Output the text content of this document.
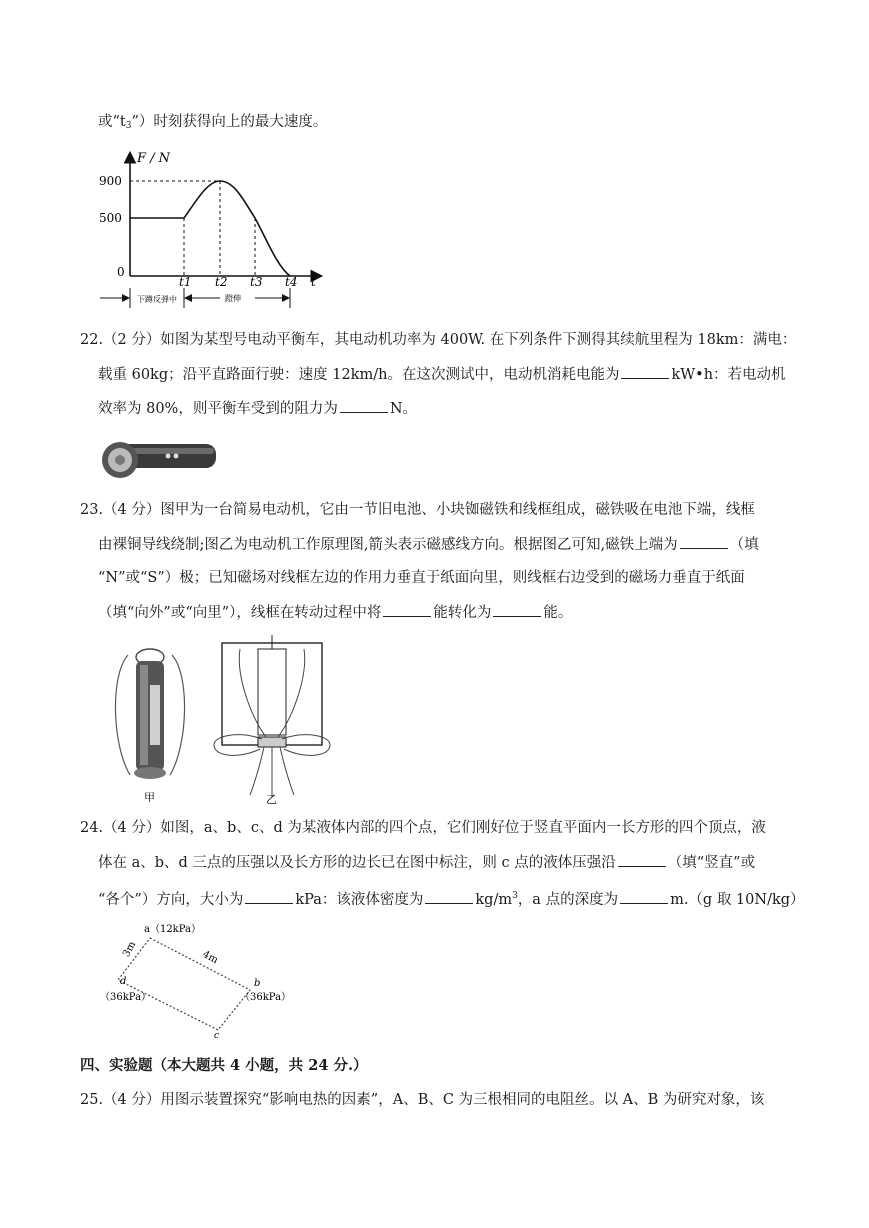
或“$t_3$”）时刻获得向上的最大速度。
F / N
900
500
0
t1 t2 t3 t4 t
下蹲反弹中	蹬伸
22.（2 分）如图为某型号电动平衡车，其电动机功率为 400W. 在下列条件下测得其续航里程为 18km：满电：
载重 60kg；沿平直路面行驶：速度 12km/h。在这次测试中，电动机消耗电能为	kW•h：若电动机
效率为 80%，则平衡车受到的阻力为	N。
23.（4 分）图甲为一台简易电动机，它由一节旧电池、小块铷磁铁和线框组成，磁铁吸在电池下端，线框
由裸铜导线绕制;图乙为电动机工作原理图,箭头表示磁感线方向。根据图乙可知,磁铁上端为	（填
“N”或“S”）极；已知磁场对线框左边的作用力垂直于纸面向里，则线框右边受到的磁场力垂直于纸面
（填“向外”或“向里”），线框在转动过程中将	能转化为	能。
甲	乙
24.（4 分）如图，a、b、c、d 为某液体内部的四个点，它们刚好位于竖直平面内一长方形的四个顶点，液
体在 a、b、d 三点的压强以及长方形的边长已在图中标注，则 c 点的液体压强沿	（填“竖直”或
“各个”）方向，大小为	kPa：该液体密度为	$kg/m^3$，a 点的深度为	m.（g 取 10N/kg）
a（12kPa）
3m	4m
d
（36kPa）
b
（36kPa）
c
四、实验题（本大题共 4 小题，共 24 分.）
25.（4 分）用图示装置探究“影响电热的因素”，A、B、C 为三根相同的电阻丝。以 A、B 为研究对象，该
